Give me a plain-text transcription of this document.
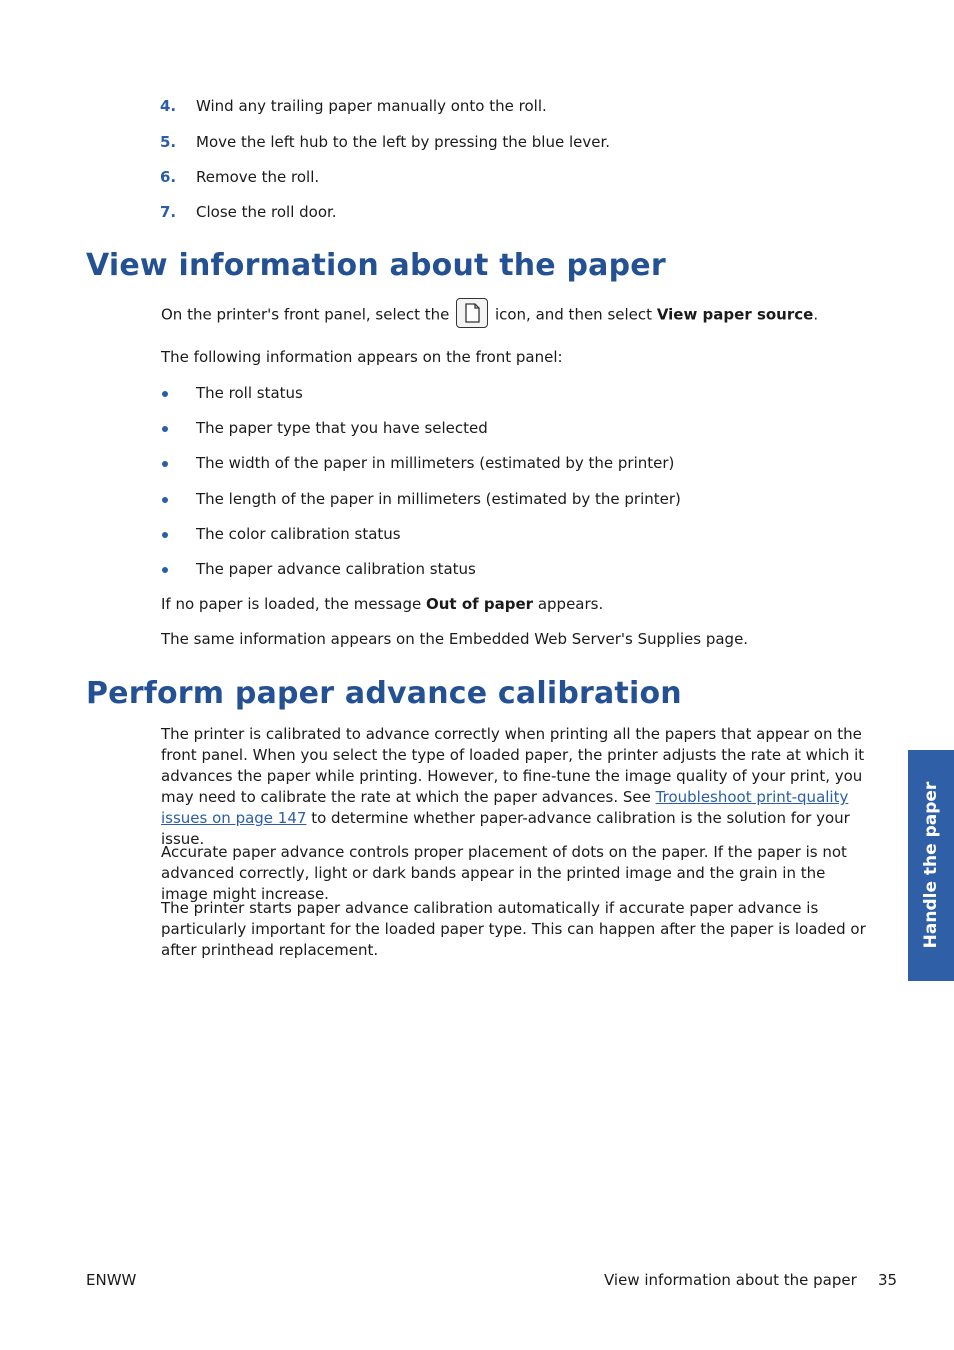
4. Wind any trailing paper manually onto the roll.
5. Move the left hub to the left by pressing the blue lever.
6. Remove the roll.
7. Close the roll door.
View information about the paper

On the printer's front panel, select the	icon, and then select View paper source.

The following information appears on the front panel:

The roll status
The paper type that you have selected
The width of the paper in millimeters (estimated by the printer)
The length of the paper in millimeters (estimated by the printer)
The color calibration status
The paper advance calibration status

If no paper is loaded, the message Out of paper appears.

The same information appears on the Embedded Web Server's Supplies page.

Perform paper advance calibration

The printer is calibrated to advance correctly when printing all the papers that appear on the front panel. When you select the type of loaded paper, the printer adjusts the rate at which it advances the paper while printing. However, to fine-tune the image quality of your print, you may need to calibrate the rate at which the paper advances. See Troubleshoot print-quality issues on page 147 to determine whether paper-advance calibration is the solution for your issue.

Accurate paper advance controls proper placement of dots on the paper. If the paper is not advanced correctly, light or dark bands appear in the printed image and the grain in the image might increase.

The printer starts paper advance calibration automatically if accurate paper advance is particularly important for the loaded paper type. This can happen after the paper is loaded or after printhead replacement.

Handle the paper
ENWW	View information about the paper 35
